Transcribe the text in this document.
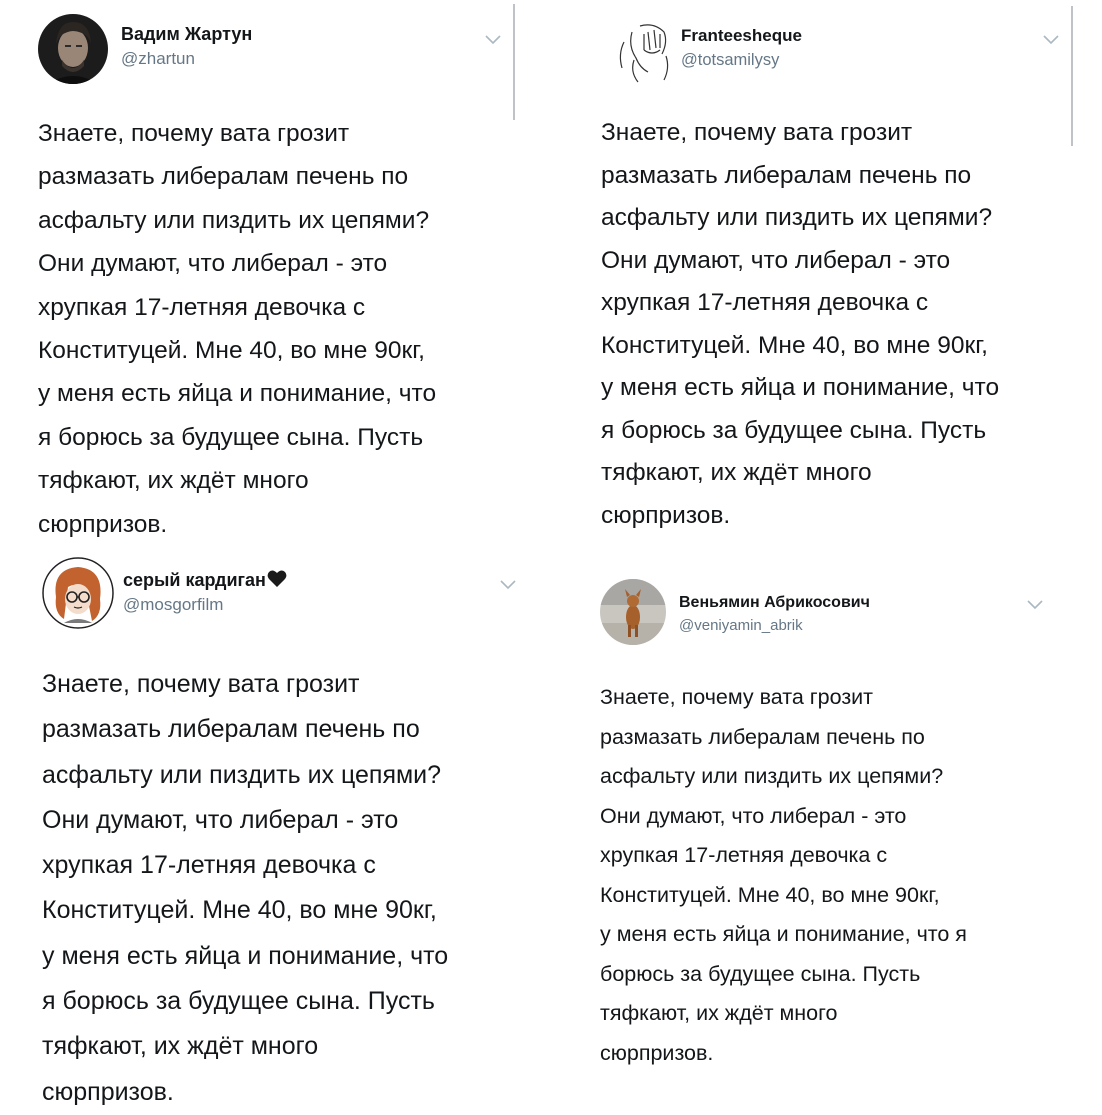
Вадим Жартун
@zhartun
Знаете, почему вата грозит
размазать либералам печень по
асфальту или пиздить их цепями?
Они думают, что либерал - это
хрупкая 17-летняя девочка с
Конституцей. Мне 40, во мне 90кг,
у меня есть яйца и понимание, что
я борюсь за будущее сына. Пусть
тяфкают, их ждёт много
сюрпризов.
Franteesheque
@totsamilysy
Знаете, почему вата грозит
размазать либералам печень по
асфальту или пиздить их цепями?
Они думают, что либерал - это
хрупкая 17-летняя девочка с
Конституцей. Мне 40, во мне 90кг,
у меня есть яйца и понимание, что
я борюсь за будущее сына. Пусть
тяфкают, их ждёт много
сюрпризов.
серый кардиган
@mosgorfilm
Знаете, почему вата грозит
размазать либералам печень по
асфальту или пиздить их цепями?
Они думают, что либерал - это
хрупкая 17-летняя девочка с
Конституцей. Мне 40, во мне 90кг,
у меня есть яйца и понимание, что
я борюсь за будущее сына. Пусть
тяфкают, их ждёт много
сюрпризов.
Веньямин Абрикосович
@veniyamin_abrik
Знаете, почему вата грозит
размазать либералам печень по
асфальту или пиздить их цепями?
Они думают, что либерал - это
хрупкая 17-летняя девочка с
Конституцей. Мне 40, во мне 90кг,
у меня есть яйца и понимание, что я
борюсь за будущее сына. Пусть
тяфкают, их ждёт много
сюрпризов.
